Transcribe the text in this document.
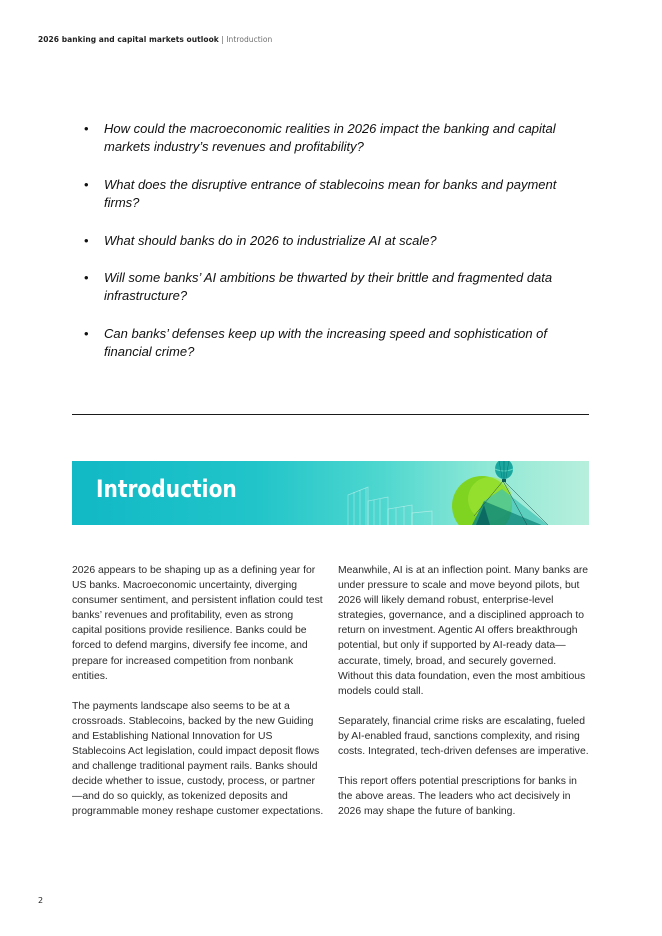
2026 banking and capital markets outlook | Introduction
• How could the macroeconomic realities in 2026 impact the banking and capital markets industry’s revenues and profitability?
• What does the disruptive entrance of stablecoins mean for banks and payment firms?
• What should banks do in 2026 to industrialize AI at scale?
• Will some banks’ AI ambitions be thwarted by their brittle and fragmented data infrastructure?
• Can banks’ defenses keep up with the increasing speed and sophistication of financial crime?
Introduction

2026 appears to be shaping up as a defining year for US banks. Macroeconomic uncertainty, diverging consumer sentiment, and persistent inflation could test banks’ revenues and profitability, even as strong capital positions provide resilience. Banks could be forced to defend margins, diversify fee income, and prepare for increased competition from nonbank entities.

The payments landscape also seems to be at a crossroads. Stablecoins, backed by the new Guiding and Establishing National Innovation for US Stablecoins Act legislation, could impact deposit flows and challenge traditional payment rails. Banks should decide whether to issue, custody, process, or partner—and do so quickly, as tokenized deposits and programmable money reshape customer expectations.

Meanwhile, AI is at an inflection point. Many banks are under pressure to scale and move beyond pilots, but 2026 will likely demand robust, enterprise-level strategies, governance, and a disciplined approach to return on investment. Agentic AI offers breakthrough potential, but only if supported by AI-ready data—accurate, timely, broad, and securely governed. Without this data foundation, even the most ambitious models could stall.

Separately, financial crime risks are escalating, fueled by AI-enabled fraud, sanctions complexity, and rising costs. Integrated, tech-driven defenses are imperative.

This report offers potential prescriptions for banks in the above areas. The leaders who act decisively in 2026 may shape the future of banking.

2
